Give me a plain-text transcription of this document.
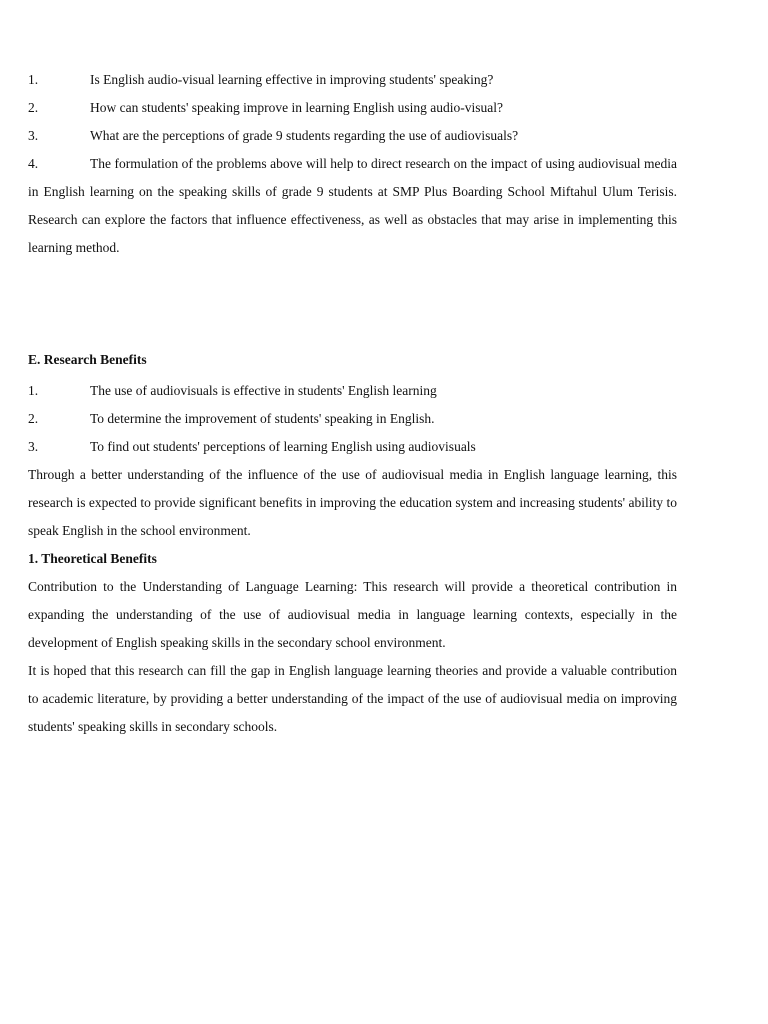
1.	Is English audio-visual learning effective in improving students' speaking?
2.	How can students' speaking improve in learning English using audio-visual?
3.	What are the perceptions of grade 9 students regarding the use of audiovisuals?

4.	The formulation of the problems above will help to direct research on the impact of using audiovisual media in English learning on the speaking skills of grade 9 students at SMP Plus Boarding School Miftahul Ulum Terisis. Research can explore the factors that influence effectiveness, as well as obstacles that may arise in implementing this learning method.

E. Research Benefits

1.	The use of audiovisuals is effective in students' English learning
2.	To determine the improvement of students' speaking in English.
3.	To find out students' perceptions of learning English using audiovisuals

Through a better understanding of the influence of the use of audiovisual media in English language learning, this research is expected to provide significant benefits in improving the education system and increasing students' ability to speak English in the school environment.

1. Theoretical Benefits

Contribution to the Understanding of Language Learning: This research will provide a theoretical contribution in expanding the understanding of the use of audiovisual media in language learning contexts, especially in the development of English speaking skills in the secondary school environment.

It is hoped that this research can fill the gap in English language learning theories and provide a valuable contribution to academic literature, by providing a better understanding of the impact of the use of audiovisual media on improving students' speaking skills in secondary schools.
